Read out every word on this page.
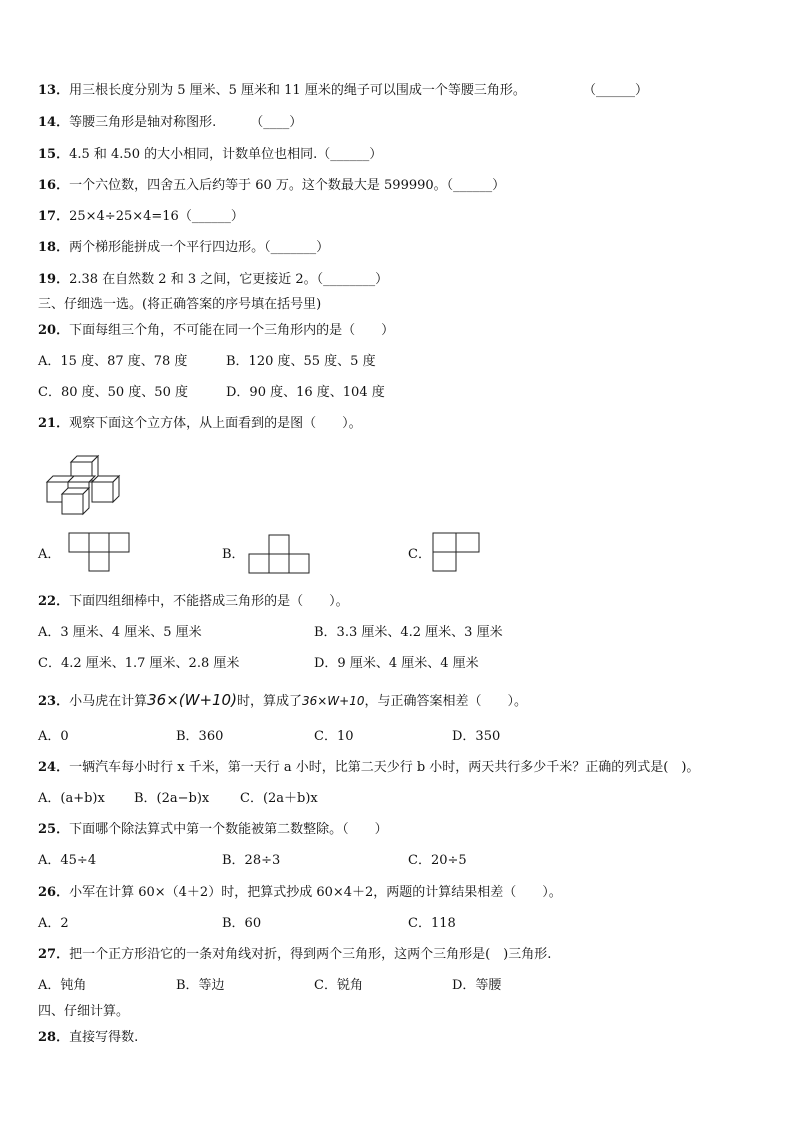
13．用三根长度分别为 5 厘米、5 厘米和 11 厘米的绳子可以围成一个等腰三角形。	（______）
14．等腰三角形是轴对称图形.	（____）
15．4.5 和 4.50 的大小相同，计数单位也相同.（______）
16．一个六位数，四舍五入后约等于 60 万。这个数最大是 599990。（______）
17．25×4÷25×4=16（______）
18．两个梯形能拼成一个平行四边形。（_______）
19．2.38 在自然数 2 和 3 之间，它更接近 2。（________）
三、仔细选一选。(将正确答案的序号填在括号里)
20．下面每组三个角，不可能在同一个三角形内的是（　　）
A．15 度、87 度、78 度	B．120 度、55 度、5 度
C．80 度、50 度、50 度	D．90 度、16 度、104 度
21．观察下面这个立方体，从上面看到的是图（　　）。
A．	B．	C．
22．下面四组细棒中，不能搭成三角形的是（　　）。
A．3 厘米、4 厘米、5 厘米	B．3.3 厘米、4.2 厘米、3 厘米
C．4.2 厘米、1.7 厘米、2.8 厘米	D．9 厘米、4 厘米、4 厘米
23．小马虎在计算36×(W+10)时，算成了36×W+10，与正确答案相差（　　）。
A．0	B．360	C．10	D．350
24．一辆汽车每小时行 x 千米，第一天行 a 小时，比第二天少行 b 小时，两天共行多少千米？正确的列式是(　)。
A．(a+b)x B．(2a−b)x C．(2a＋b)x
25．下面哪个除法算式中第一个数能被第二数整除。（　　）
A．45÷4	B．28÷3	C．20÷5
26．小军在计算 60×（4＋2）时，把算式抄成 60×4＋2，两题的计算结果相差（　　）。
A．2	B．60	C．118
27．把一个正方形沿它的一条对角线对折，得到两个三角形，这两个三角形是(　)三角形.
A．钝角	B．等边	C．锐角	D．等腰
四、仔细计算。
28．直接写得数.
